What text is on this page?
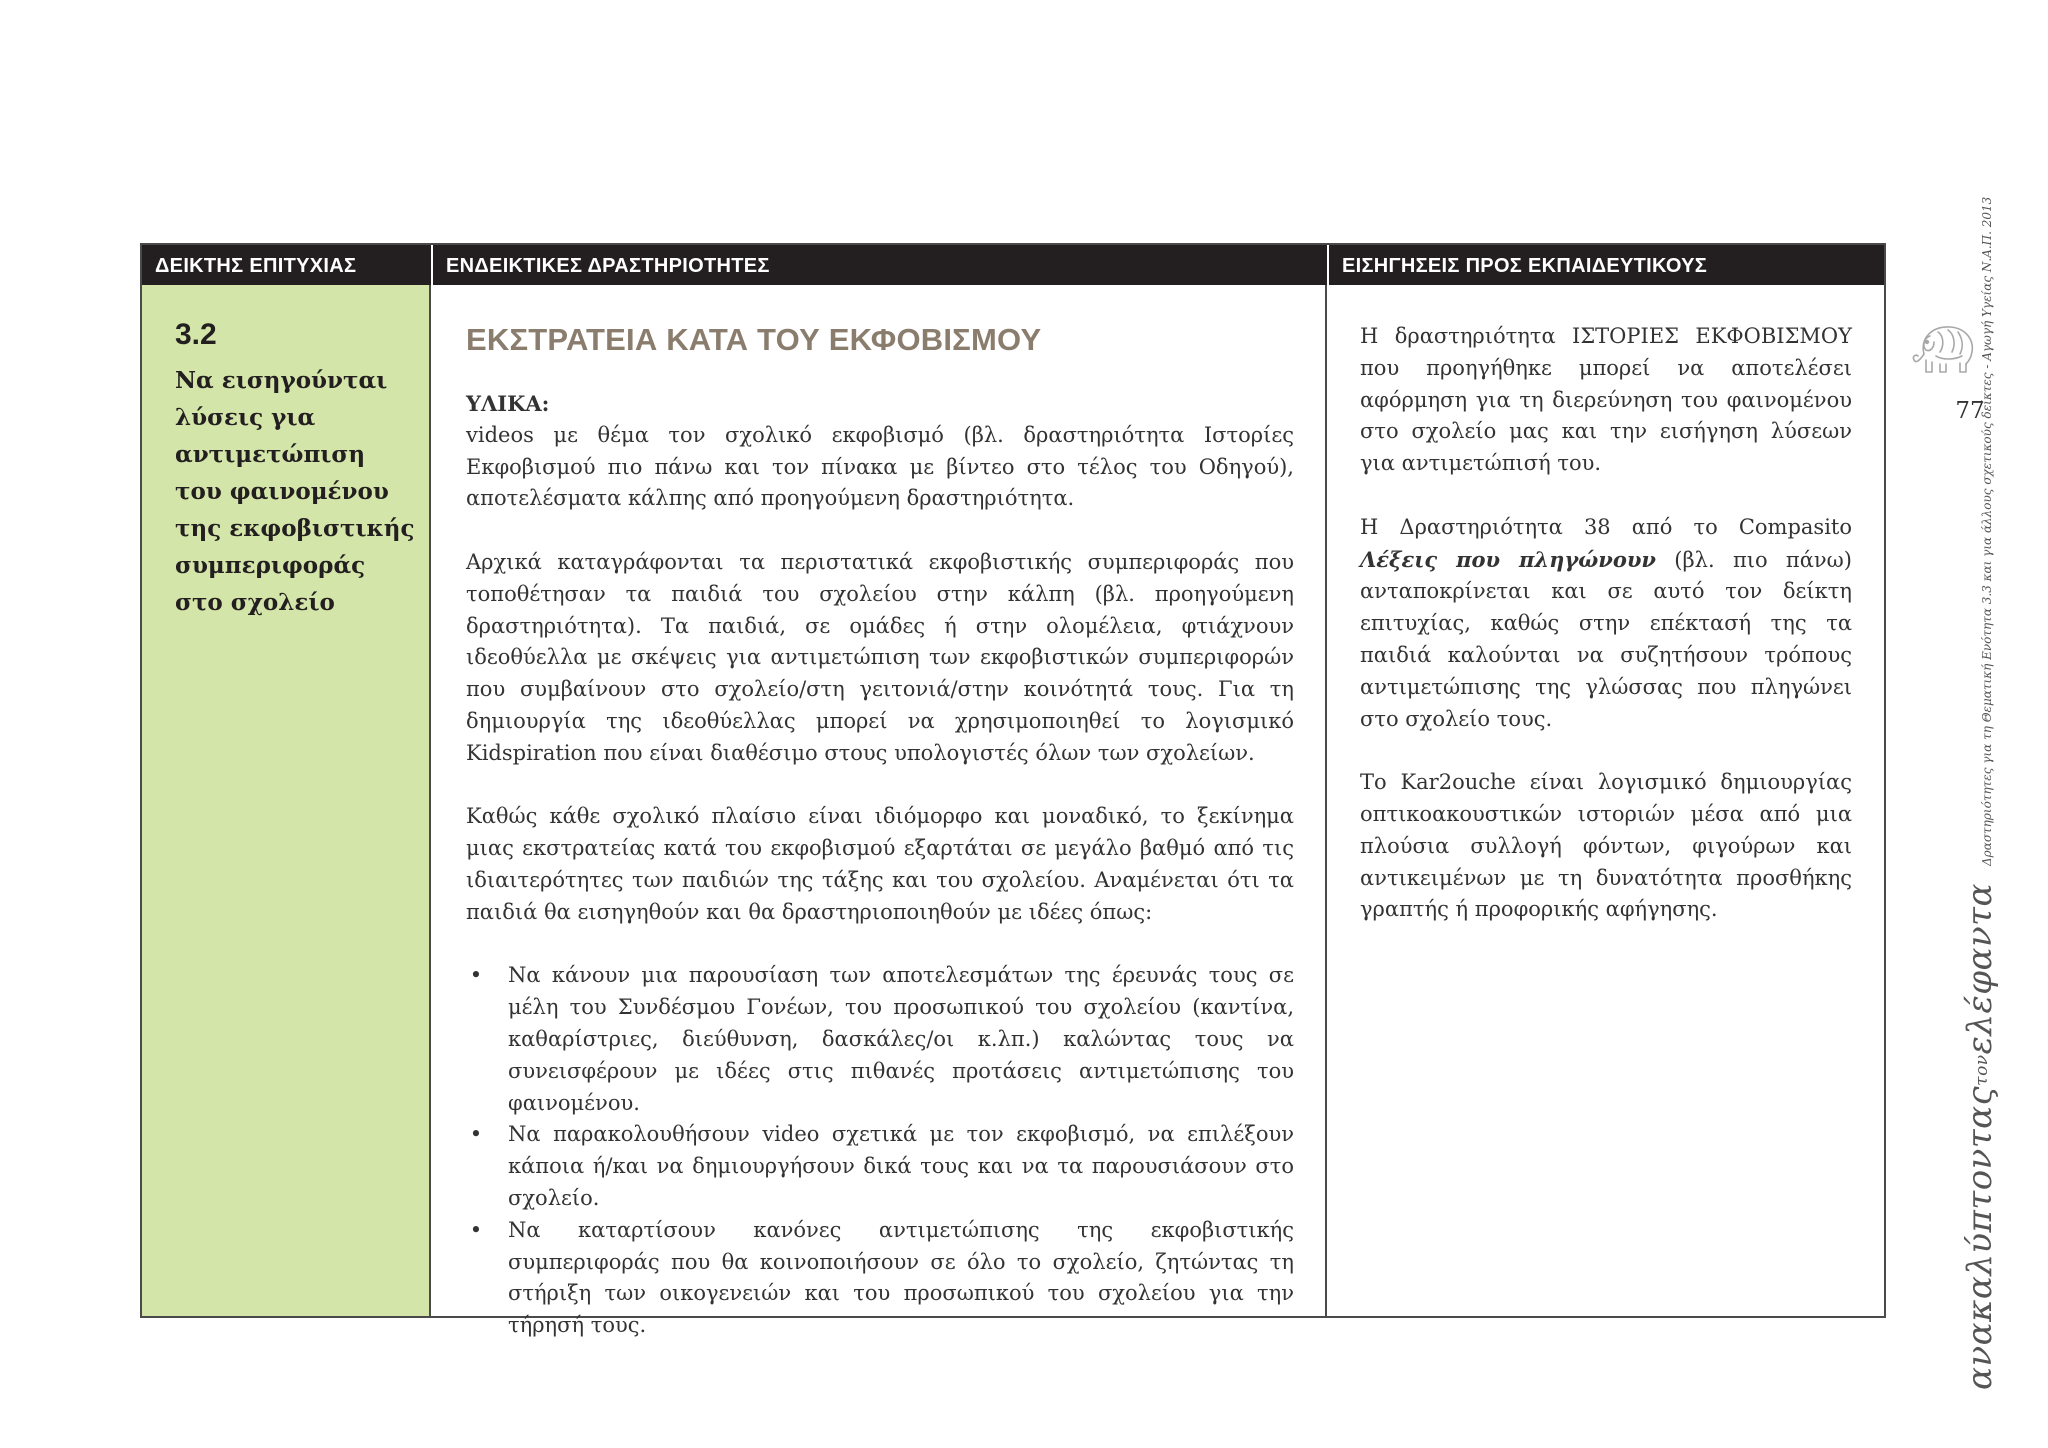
ΔΕΙΚΤΗΣ ΕΠΙΤΥΧΙΑΣ	ΕΝΔΕΙΚΤΙΚΕΣ ΔΡΑΣΤΗΡΙΟΤΗΤΕΣ	ΕΙΣΗΓΗΣΕΙΣ ΠΡΟΣ ΕΚΠΑΙΔΕΥΤΙΚΟΥΣ
3.2

Να εισηγούνται λύσεις για αντιμετώπιση του φαινομένου της εκφοβιστικής συμπεριφοράς στο σχολείο

ΕΚΣΤΡΑΤΕΙΑ ΚΑΤΑ ΤΟΥ ΕΚΦΟΒΙΣΜΟΥ

ΥΛΙΚΑ:
videos με θέμα τον σχολικό εκφοβισμό (βλ. δραστηριότητα Ιστορίες Εκφοβισμού πιο πάνω και τον πίνακα με βίντεο στο τέλος του Οδηγού), αποτελέσματα κάλπης από προηγούμενη δραστηριότητα.

Αρχικά καταγράφονται τα περιστατικά εκφοβιστικής συμπεριφοράς που τοποθέτησαν τα παιδιά του σχολείου στην κάλπη (βλ. προηγούμενη δραστηριότητα). Τα παιδιά, σε ομάδες ή στην ολομέλεια, φτιάχνουν ιδεοθύελλα με σκέψεις για αντιμετώπιση των εκφοβιστικών συμπεριφορών που συμβαίνουν στο σχολείο/στη γειτονιά/στην κοινότητά τους. Για τη δημιουργία της ιδεοθύελλας μπορεί να χρησιμοποιηθεί το λογισμικό Kidspiration που είναι διαθέσιμο στους υπολογιστές όλων των σχολείων.

Καθώς κάθε σχολικό πλαίσιο είναι ιδιόμορφο και μοναδικό, το ξεκίνημα μιας εκστρατείας κατά του εκφοβισμού εξαρτάται σε μεγάλο βαθμό από τις ιδιαιτερότητες των παιδιών της τάξης και του σχολείου. Αναμένεται ότι τα παιδιά θα εισηγηθούν και θα δραστηριοποιηθούν με ιδέες όπως:

• Να κάνουν μια παρουσίαση των αποτελεσμάτων της έρευνάς τους σε μέλη του Συνδέσμου Γονέων, του προσωπικού του σχολείου (καντίνα, καθαρίστριες, διεύθυνση, δασκάλες/οι κ.λπ.) καλώντας τους να συνεισφέρουν με ιδέες στις πιθανές προτάσεις αντιμετώπισης του φαινομένου.
• Να παρακολουθήσουν video σχετικά με τον εκφοβισμό, να επιλέξουν κάποια ή/και να δημιουργήσουν δικά τους και να τα παρουσιάσουν στο σχολείο.
• Να καταρτίσουν κανόνες αντιμετώπισης της εκφοβιστικής συμπεριφοράς που θα κοινοποιήσουν σε όλο το σχολείο, ζητώντας τη στήριξη των οικογενειών και του προσωπικού του σχολείου για την τήρησή τους.

Η δραστηριότητα ΙΣΤΟΡΙΕΣ ΕΚΦΟΒΙΣΜΟΥ που προηγήθηκε μπορεί να αποτελέσει αφόρμηση για τη διερεύνηση του φαινομένου στο σχολείο μας και την εισήγηση λύσεων για αντιμετώπισή του.

Η Δραστηριότητα 38 από το Compasito Λέξεις που πληγώνουν (βλ. πιο πάνω) ανταποκρίνεται και σε αυτό τον δείκτη επιτυχίας, καθώς στην επέκτασή της τα παιδιά καλούνται να συζητήσουν τρόπους αντιμετώπισης της γλώσσας που πληγώνει στο σχολείο τους.

Το Kar2ouche είναι λογισμικό δημιουργίας οπτικοακουστικών ιστοριών μέσα από μια πλούσια συλλογή φόντων, φιγούρων και αντικειμένων με τη δυνατότητα προσθήκης γραπτής ή προφορικής αφήγησης.

77
ανακαλύπτονταςτονελέφαντα Δραστηριότητες για τη Θεματική Ενότητα 3.3 και για άλλους σχετικούς δείκτες - Αγωγή Υγείας Ν.Α.Π. 2013
